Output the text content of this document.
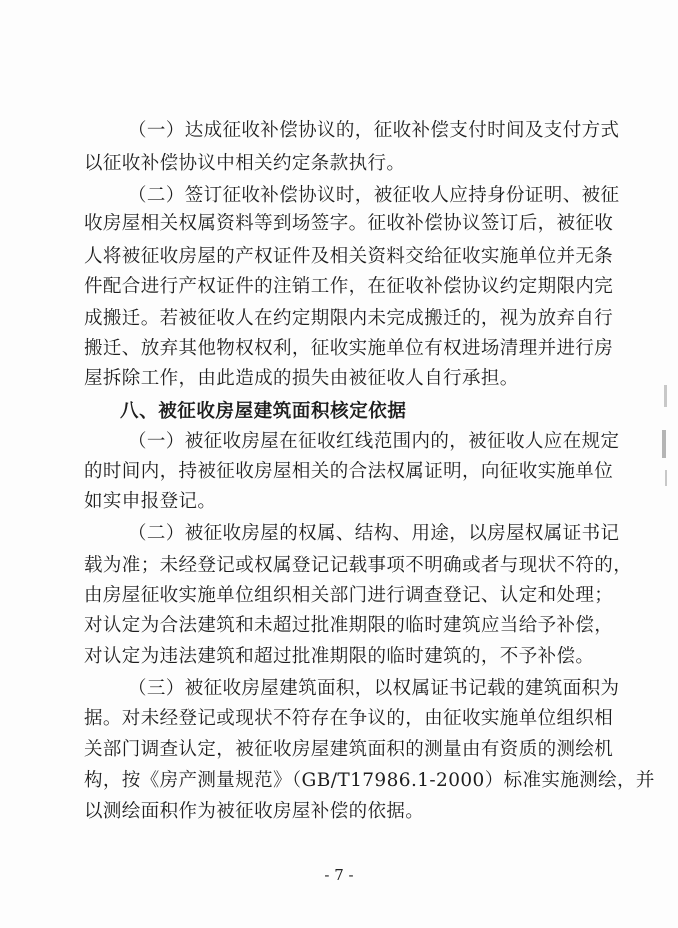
（一）达成征收补偿协议的，征收补偿支付时间及支付方式
以征收补偿协议中相关约定条款执行。
（二）签订征收补偿协议时，被征收人应持身份证明、被征
收房屋相关权属资料等到场签字。征收补偿协议签订后，被征收
人将被征收房屋的产权证件及相关资料交给征收实施单位并无条
件配合进行产权证件的注销工作，在征收补偿协议约定期限内完
成搬迁。若被征收人在约定期限内未完成搬迁的，视为放弃自行
搬迁、放弃其他物权权利，征收实施单位有权进场清理并进行房
屋拆除工作，由此造成的损失由被征收人自行承担。
八、被征收房屋建筑面积核定依据
（一）被征收房屋在征收红线范围内的，被征收人应在规定
的时间内，持被征收房屋相关的合法权属证明，向征收实施单位
如实申报登记。
（二）被征收房屋的权属、结构、用途，以房屋权属证书记
载为准；未经登记或权属登记记载事项不明确或者与现状不符的，
由房屋征收实施单位组织相关部门进行调查登记、认定和处理；
对认定为合法建筑和未超过批准期限的临时建筑应当给予补偿，
对认定为违法建筑和超过批准期限的临时建筑的，不予补偿。
（三）被征收房屋建筑面积，以权属证书记载的建筑面积为
据。对未经登记或现状不符存在争议的，由征收实施单位组织相
关部门调查认定，被征收房屋建筑面积的测量由有资质的测绘机
构，按《房产测量规范》（GB/T17986.1-2000）标准实施测绘，并
以测绘面积作为被征收房屋补偿的依据。
- 7 -
